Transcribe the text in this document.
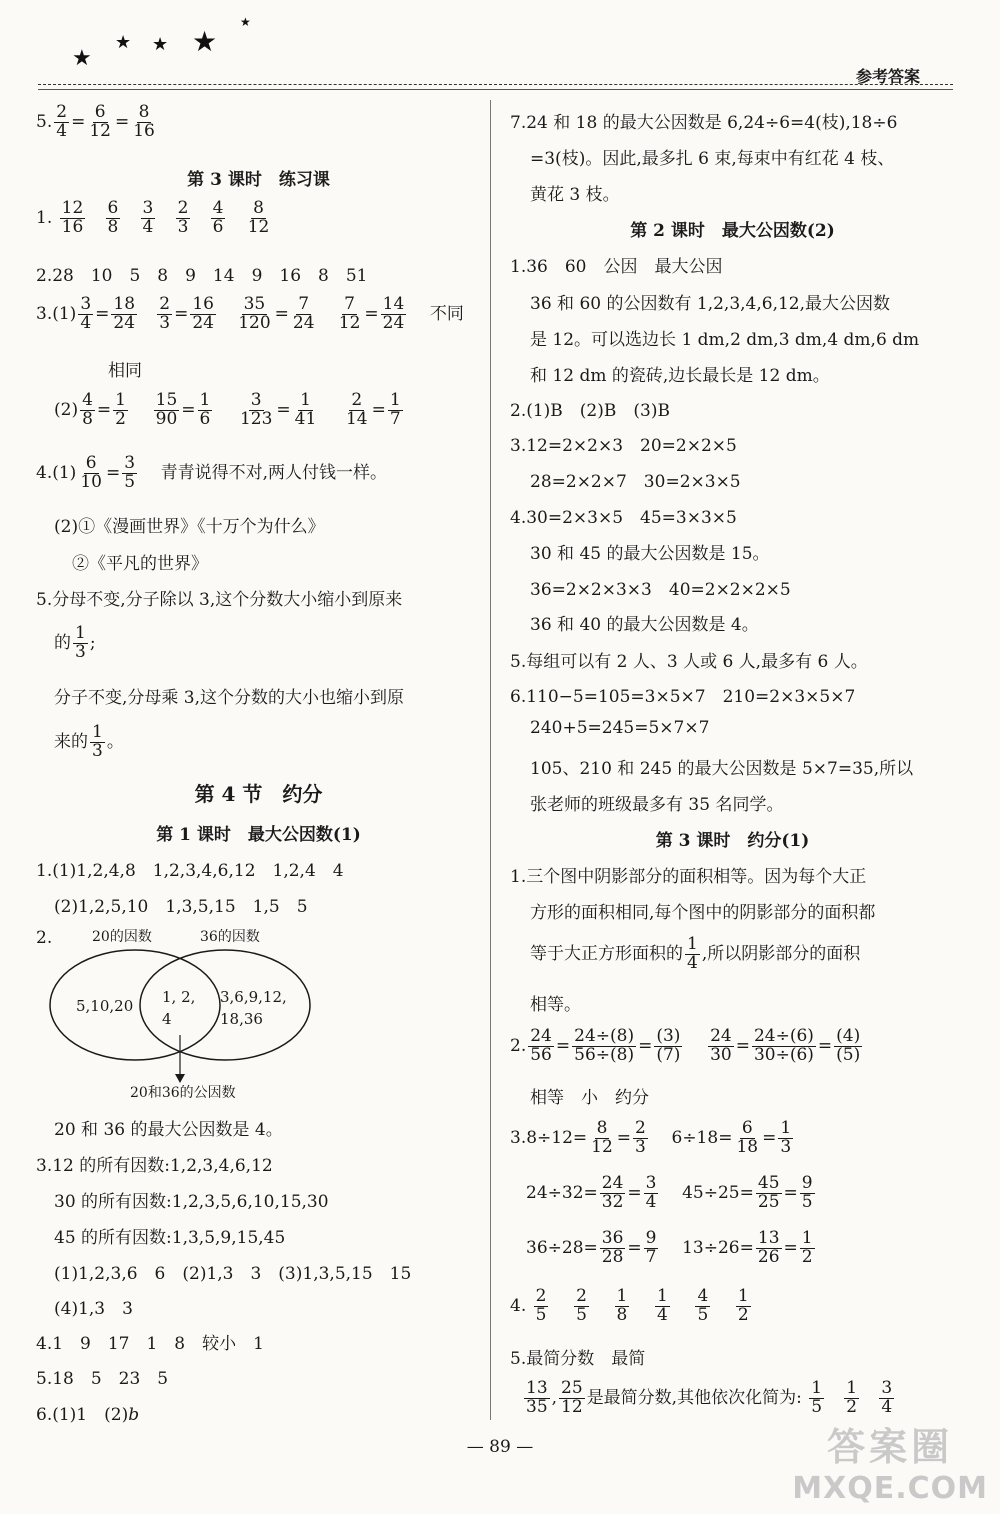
★
★ ★ ★
★
参考答案
5. $\frac{2}{4} = \frac{6}{12} = \frac{8}{16}$
第 3 课时　练习课
1. $\frac{12}{16}$
$\frac{6}{8}$
$\frac{3}{4}$
$\frac{2}{3}$
$\frac{4}{6}$
$\frac{8}{12}$
2.28　10　5　8　9　14　9　16　8　51
$3.(1) \frac{3}{4} = \frac{18}{24}$
$\frac{2}{3} = \frac{16}{24}$
$\frac{35}{120} = \frac{7}{24}$
$\frac{7}{12} = \frac{14}{24}$ 不同
相同
$(2) \frac{4}{8} = \frac{1}{2}$
$\frac{15}{90} = \frac{1}{6}$
$\frac{3}{123} = \frac{1}{41}$
$\frac{2}{14} = \frac{1}{7}$
$4.(1) \frac{6}{10} = \frac{3}{5}$ 青青说得不对,两人付钱一样。
(2)①《漫画世界》《十万个为什么》
②《平凡的世界》
5.分母不变,分子除以 3,这个分数大小缩小到原来
的 $\frac{1}{3}$ ;
分子不变,分母乘 3,这个分数的大小也缩小到原
来的 $\frac{1}{3}$ 。
第 4 节　约分
第 1 课时　最大公因数(1)
1.(1)1,2,4,8　1,2,3,4,6,12　1,2,4　4
(2)1,2,5,10　1,3,5,15　1,5　5
2.	20的因数	36的因数
5,10,20 1, 2,
4
3,6,9,12,
18,36
20和36的公因数
20 和 36 的最大公因数是 4。
3.12 的所有因数:1,2,3,4,6,12
30 的所有因数:1,2,3,5,6,10,15,30
45 的所有因数:1,3,5,9,15,45
(1)1,2,3,6　6　(2)1,3　3　(3)1,3,5,15　15
(4)1,3　3
4.1　9　17　1　8　较小　1
5.18　5　23　5
6.(1)1　(2)b
7.24 和 18 的最大公因数是 6,24÷6=4(枝),18÷6
=3(枝)。因此,最多扎 6 束,每束中有红花 4 枝、
黄花 3 枝。
第 2 课时　最大公因数(2)
1.36　60　公因　最大公因
36 和 60 的公因数有 1,2,3,4,6,12,最大公因数
是 12。可以选边长 1 dm,2 dm,3 dm,4 dm,6 dm
和 12 dm 的瓷砖,边长最长是 12 dm。
2.(1)B　(2)B　(3)B
3.12=2×2×3　20=2×2×5
28=2×2×7　30=2×3×5
4.30=2×3×5　45=3×3×5
30 和 45 的最大公因数是 15。
36=2×2×3×3　40=2×2×2×5
36 和 40 的最大公因数是 4。
5.每组可以有 2 人、3 人或 6 人,最多有 6 人。
6.110−5=105=3×5×7　210=2×3×5×7
240+5=245=5×7×7
105、210 和 245 的最大公因数是 5×7=35,所以
张老师的班级最多有 35 名同学。
第 3 课时　约分(1)
1.三个图中阴影部分的面积相等。因为每个大正
方形的面积相同,每个图中的阴影部分的面积都
等于大正方形面积的 $\frac{1}{4}$ ,所以阴影部分的面积
相等。
2. $\frac{24}{56} = \frac{24\div(8)}{56\div(8)} = \frac{(3)}{(7)}$
$\frac{24}{30} = \frac{24\div(6)}{30\div(6)} = \frac{(4)}{(5)}$
相等　小　约分
$3.8\div 12= \frac{8}{12} = \frac{2}{3} 6\div 18= \frac{6}{18} = \frac{1}{3}$
$24\div 32= \frac{24}{32} = \frac{3}{4} 45\div 25= \frac{45}{25} = \frac{9}{5}$
$36\div 28= \frac{36}{28} = \frac{9}{7} 13\div 26= \frac{13}{26} = \frac{1}{2}$
4. $\frac{2}{5}$
$\frac{2}{5}$
$\frac{1}{8}$
$\frac{1}{4}$
$\frac{4}{5}$
$\frac{1}{2}$
5.最简分数　最简
$\frac{13}{35}$ , $\frac{25}{12}$ 是最简分数,其他依次化简为: $\frac{1}{5}$
$\frac{1}{2}$
$\frac{3}{4}$
— 89 —	答案圈
MXQE.COM
